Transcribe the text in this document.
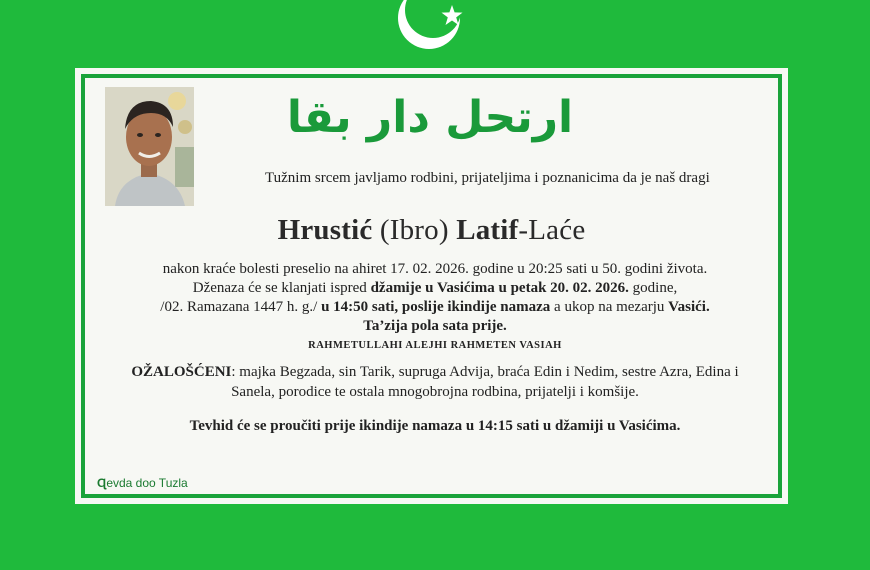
ارتحل دار بقا
Tužnim srcem javljamo rodbini, prijateljima i poznanicima da je naš dragi
Hrustić (Ibro) Latif-Laće
nakon kraće bolesti preselio na ahiret 17. 02. 2026. godine u 20:25 sati u 50. godini života.
Dženaza će se klanjati ispred džamije u Vasićima u petak 20. 02. 2026. godine,
/02. Ramazana 1447 h. g./ u 14:50 sati, poslije ikindije namaza a ukop na mezarju Vasići.
Ta’zija pola sata prije.
RAHMETULLAHI ALEJHI RAHMETEN VASIAH
OŽALOŠĆENI: majka Begzada, sin Tarik, supruga Advija, braća Edin i Nedim, sestre Azra, Edina i Sanela, porodice te ostala mnogobrojna rodbina, prijatelji i komšije.
Tevhid će se proučiti prije ikindije namaza u 14:15 sati u džamiji u Vasićima.
Ɋevda doo Tuzla
